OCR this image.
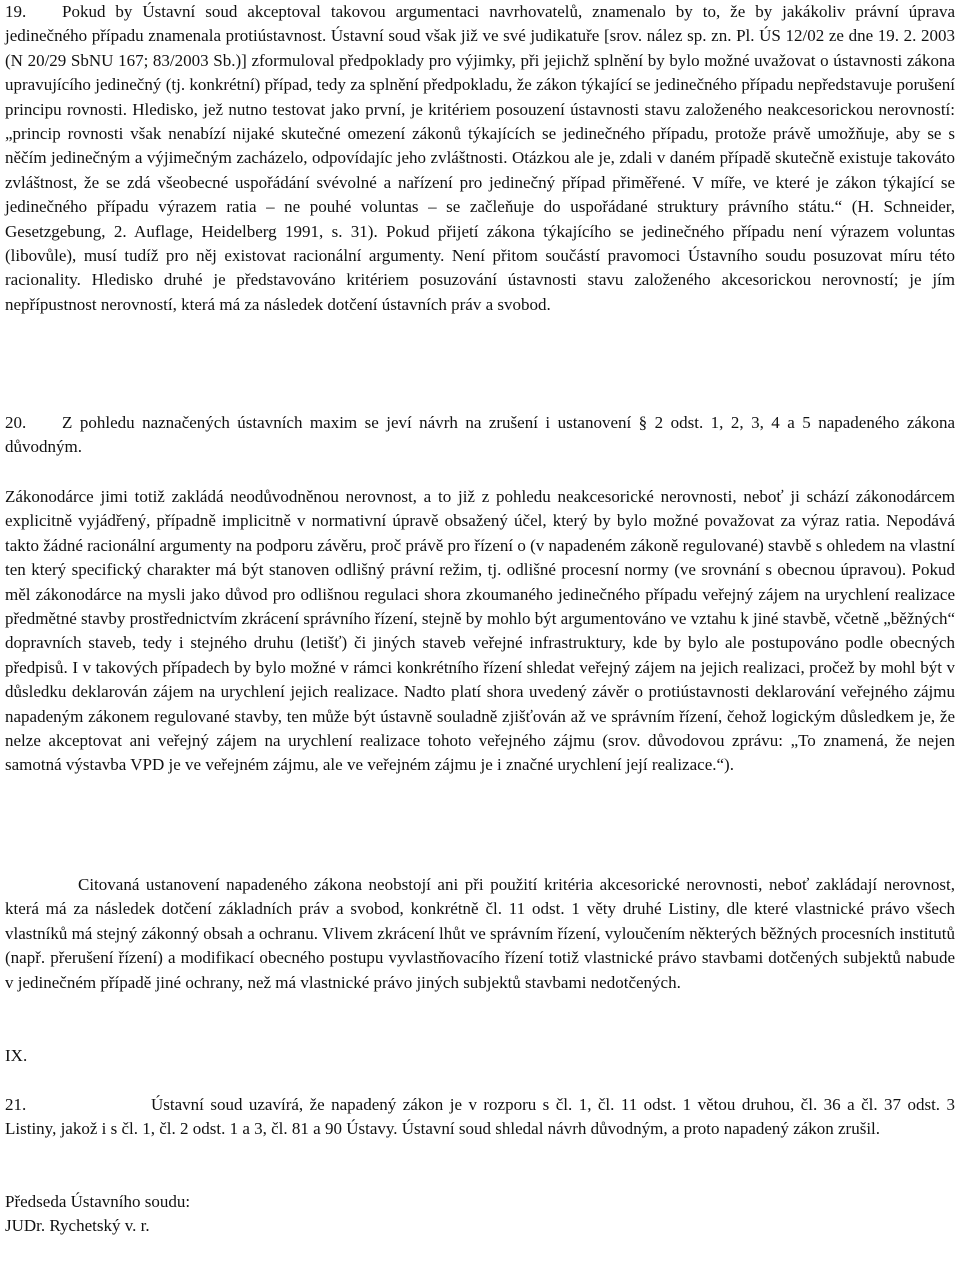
19. Pokud by Ústavní soud akceptoval takovou argumentaci navrhovatelů, znamenalo by to, že by jakákoliv právní úprava jedinečného případu znamenala protiústavnost. Ústavní soud však již ve své judikatuře [srov. nález sp. zn. Pl. ÚS 12/02 ze dne 19. 2. 2003 (N 20/29 SbNU 167; 83/2003 Sb.)] zformuloval předpoklady pro výjimky, při jejichž splnění by bylo možné uvažovat o ústavnosti zákona upravujícího jedinečný (tj. konkrétní) případ, tedy za splnění předpokladu, že zákon týkající se jedinečného případu nepředstavuje porušení principu rovnosti. Hledisko, jež nutno testovat jako první, je kritériem posouzení ústavnosti stavu založeného neakcesorickou nerovností: „princip rovnosti však nenabízí nijaké skutečné omezení zákonů týkajících se jedinečného případu, protože právě umožňuje, aby se s něčím jedinečným a výjimečným zacházelo, odpovídajíc jeho zvláštnosti. Otázkou ale je, zdali v daném případě skutečně existuje takováto zvláštnost, že se zdá všeobecné uspořádání svévolné a nařízení pro jedinečný případ přiměřené. V míře, ve které je zákon týkající se jedinečného případu výrazem ratia – ne pouhé voluntas – se začleňuje do uspořádané struktury právního státu.“ (H. Schneider, Gesetzgebung, 2. Auflage, Heidelberg 1991, s. 31). Pokud přijetí zákona týkajícího se jedinečného případu není výrazem voluntas (libovůle), musí tudíž pro něj existovat racionální argumenty. Není přitom součástí pravomoci Ústavního soudu posuzovat míru této racionality. Hledisko druhé je představováno kritériem posuzování ústavnosti stavu založeného akcesorickou nerovností; je jím nepřípustnost nerovností, která má za následek dotčení ústavních práv a svobod.

20. Z pohledu naznačených ústavních maxim se jeví návrh na zrušení i ustanovení § 2 odst. 1, 2, 3, 4 a 5 napadeného zákona důvodným.

Zákonodárce jimi totiž zakládá neodůvodněnou nerovnost, a to již z pohledu neakcesorické nerovnosti, neboť ji schází zákonodárcem explicitně vyjádřený, případně implicitně v normativní úpravě obsažený účel, který by bylo možné považovat za výraz ratia. Nepodává takto žádné racionální argumenty na podporu závěru, proč právě pro řízení o (v napadeném zákoně regulované) stavbě s ohledem na vlastní ten který specifický charakter má být stanoven odlišný právní režim, tj. odlišné procesní normy (ve srovnání s obecnou úpravou). Pokud měl zákonodárce na mysli jako důvod pro odlišnou regulaci shora zkoumaného jedinečného případu veřejný zájem na urychlení realizace předmětné stavby prostřednictvím zkrácení správního řízení, stejně by mohlo být argumentováno ve vztahu k jiné stavbě, včetně „běžných“ dopravních staveb, tedy i stejného druhu (letišť) či jiných staveb veřejné infrastruktury, kde by bylo ale postupováno podle obecných předpisů. I v takových případech by bylo možné v rámci konkrétního řízení shledat veřejný zájem na jejich realizaci, pročež by mohl být v důsledku deklarován zájem na urychlení jejich realizace. Nadto platí shora uvedený závěr o protiústavnosti deklarování veřejného zájmu napadeným zákonem regulované stavby, ten může být ústavně souladně zjišťován až ve správním řízení, čehož logickým důsledkem je, že nelze akceptovat ani veřejný zájem na urychlení realizace tohoto veřejného zájmu (srov. důvodovou zprávu: „To znamená, že nejen samotná výstavba VPD je ve veřejném zájmu, ale ve veřejném zájmu je i značné urychlení její realizace.“).

Citovaná ustanovení napadeného zákona neobstojí ani při použití kritéria akcesorické nerovnosti, neboť zakládají nerovnost, která má za následek dotčení základních práv a svobod, konkrétně čl. 11 odst. 1 věty druhé Listiny, dle které vlastnické právo všech vlastníků má stejný zákonný obsah a ochranu. Vlivem zkrácení lhůt ve správním řízení, vyloučením některých běžných procesních institutů (např. přerušení řízení) a modifikací obecného postupu vyvlastňovacího řízení totiž vlastnické právo stavbami dotčených subjektů nabude v jedinečném případě jiné ochrany, než má vlastnické právo jiných subjektů stavbami nedotčených.

IX.

21.	Ústavní soud uzavírá, že napadený zákon je v rozporu s čl. 1, čl. 11 odst. 1 větou druhou, čl. 36 a čl. 37 odst. 3 Listiny, jakož i s čl. 1, čl. 2 odst. 1 a 3, čl. 81 a 90 Ústavy. Ústavní soud shledal návrh důvodným, a proto napadený zákon zrušil.

Předseda Ústavního soudu:

JUDr. Rychetský v. r.
